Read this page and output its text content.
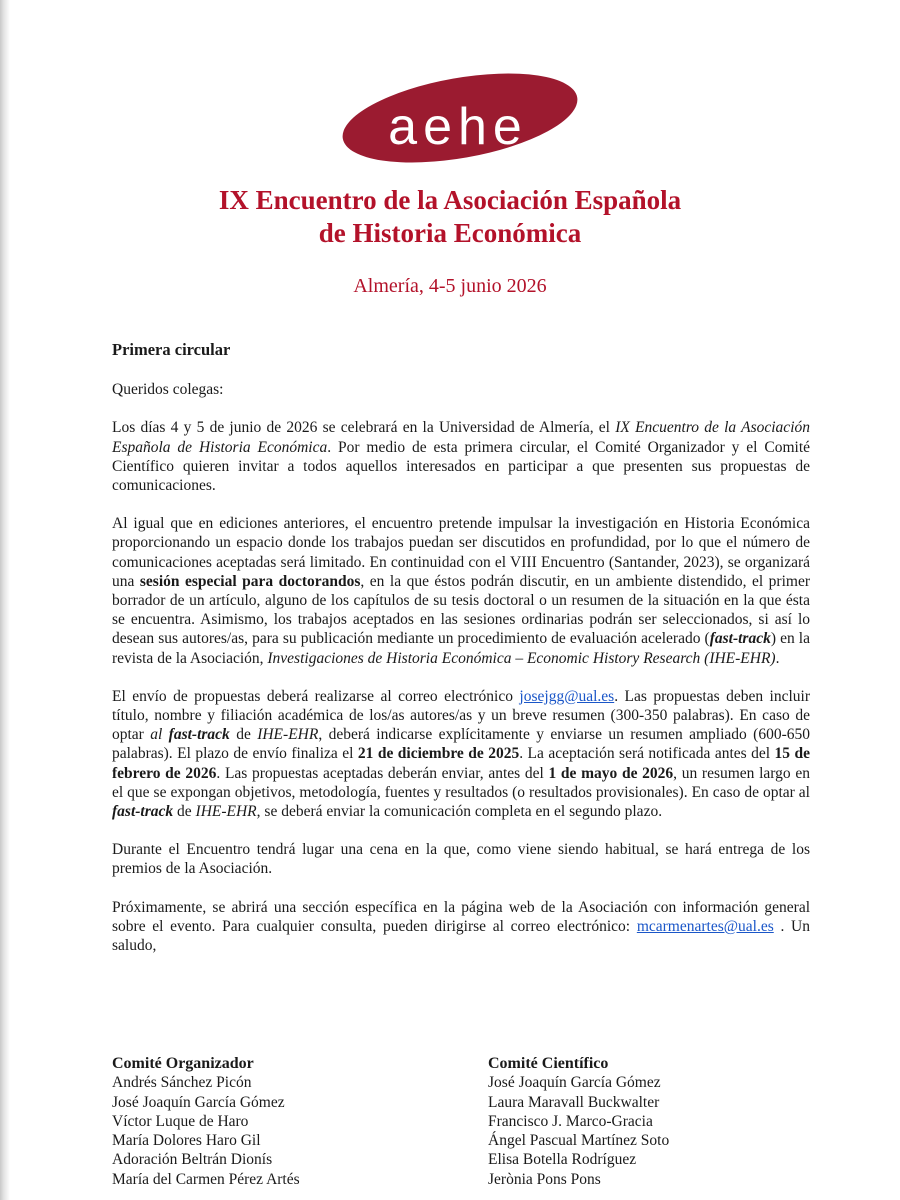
aehe
IX Encuentro de la Asociación Española
de Historia Económica
Almería, 4-5 junio 2026
Primera circular

Queridos colegas:

Los días 4 y 5 de junio de 2026 se celebrará en la Universidad de Almería, el IX Encuentro de la Asociación Española de Historia Económica. Por medio de esta primera circular, el Comité Organizador y el Comité Científico quieren invitar a todos aquellos interesados en participar a que presenten sus propuestas de comunicaciones.

Al igual que en ediciones anteriores, el encuentro pretende impulsar la investigación en Historia Económica proporcionando un espacio donde los trabajos puedan ser discutidos en profundidad, por lo que el número de comunicaciones aceptadas será limitado. En continuidad con el VIII Encuentro (Santander, 2023), se organizará una sesión especial para doctorandos, en la que éstos podrán discutir, en un ambiente distendido, el primer borrador de un artículo, alguno de los capítulos de su tesis doctoral o un resumen de la situación en la que ésta se encuentra. Asimismo, los trabajos aceptados en las sesiones ordinarias podrán ser seleccionados, si así lo desean sus autores/as, para su publicación mediante un procedimiento de evaluación acelerado (fast-track) en la revista de la Asociación, Investigaciones de Historia Económica – Economic History Research (IHE-EHR).

El envío de propuestas deberá realizarse al correo electrónico josejgg@ual.es. Las propuestas deben incluir título, nombre y filiación académica de los/as autores/as y un breve resumen (300-350 palabras). En caso de optar al fast-track de IHE-EHR, deberá indicarse explícitamente y enviarse un resumen ampliado (600-650 palabras). El plazo de envío finaliza el 21 de diciembre de 2025. La aceptación será notificada antes del 15 de febrero de 2026. Las propuestas aceptadas deberán enviar, antes del 1 de mayo de 2026, un resumen largo en el que se expongan objetivos, metodología, fuentes y resultados (o resultados provisionales). En caso de optar al fast-track de IHE-EHR, se deberá enviar la comunicación completa en el segundo plazo.

Durante el Encuentro tendrá lugar una cena en la que, como viene siendo habitual, se hará entrega de los premios de la Asociación.

Próximamente, se abrirá una sección específica en la página web de la Asociación con información general sobre el evento. Para cualquier consulta, pueden dirigirse al correo electrónico: mcarmenartes@ual.es . Un saludo,

Comité Organizador
Andrés Sánchez Picón
José Joaquín García Gómez
Víctor Luque de Haro
María Dolores Haro Gil
Adoración Beltrán Dionís
María del Carmen Pérez Artés
Comité Científico
José Joaquín García Gómez
Laura Maravall Buckwalter
Francisco J. Marco-Gracia
Ángel Pascual Martínez Soto
Elisa Botella Rodríguez
Jerònia Pons Pons
